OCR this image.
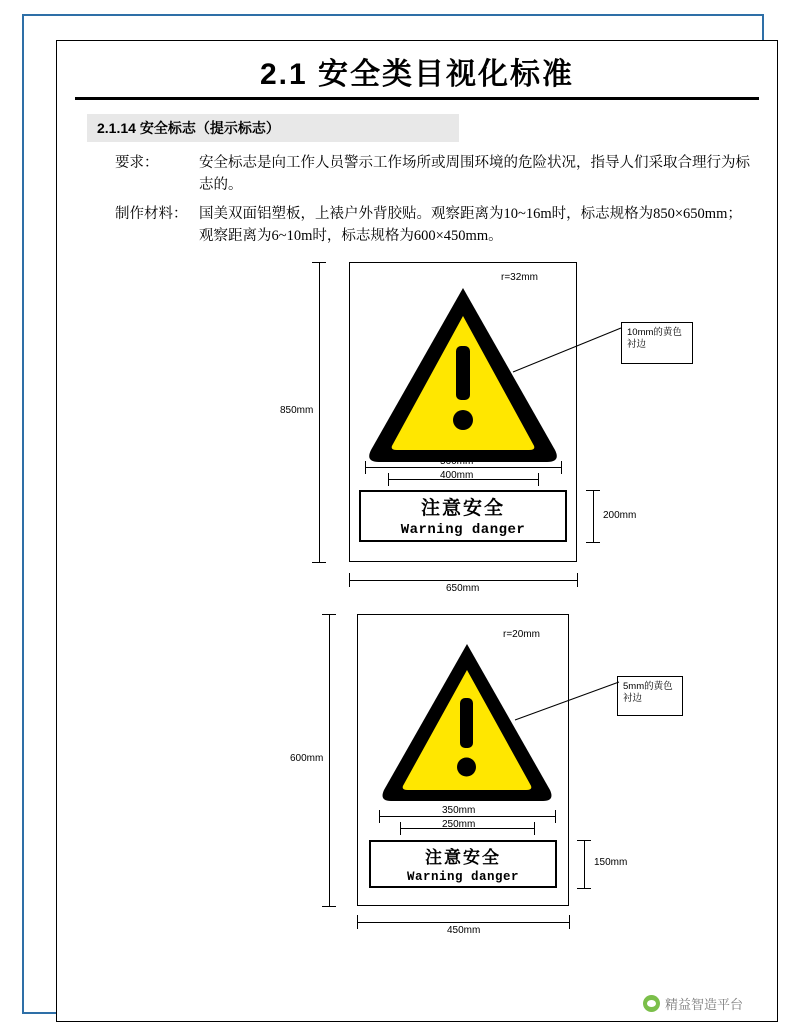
2.1 安全类目视化标准
2.1.14 安全标志（提示标志）
要求：	安全标志是向工作人员警示工作场所或周围环境的危险状况，指导人们采取合理行为标志的。
制作材料： 国美双面铝塑板，上裱户外背胶贴。观察距离为10~16m时，标志规格为850×650mm；观察距离为6~10m时，标志规格为600×450mm。
r=32mm
10mm的黄色衬边
850mm
650mm
560mm
400mm
注意安全
Warning danger
200mm
r=20mm
5mm的黄色衬边
600mm
450mm
350mm
250mm
注意安全
Warning danger
150mm
精益智造平台
